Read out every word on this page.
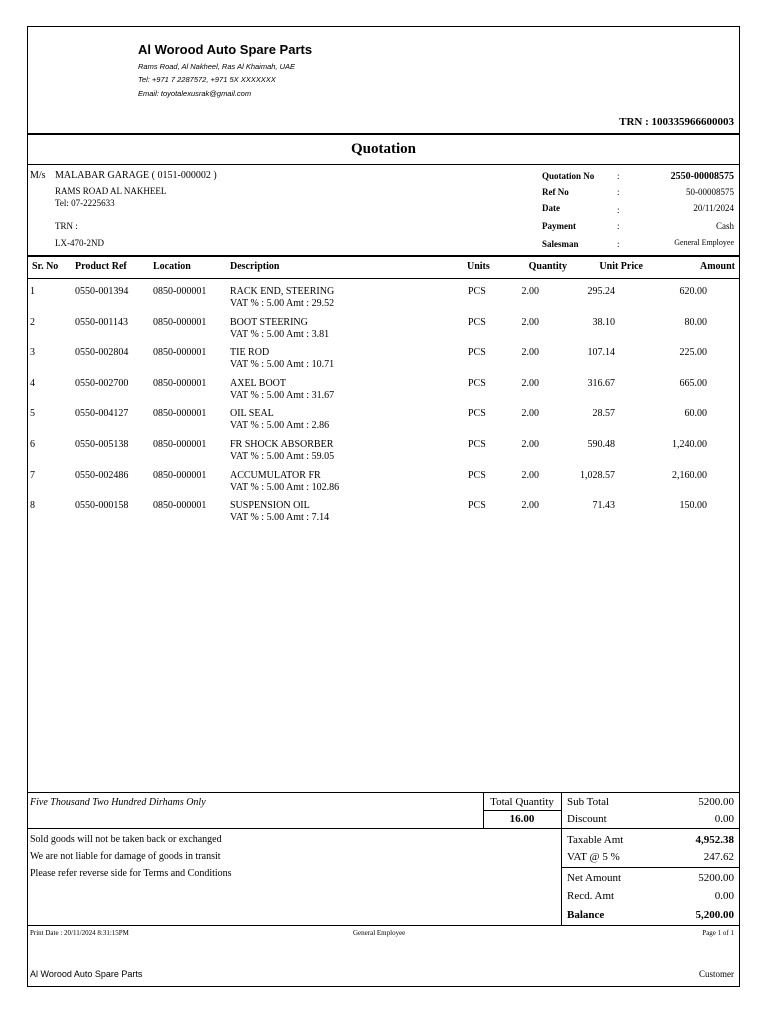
Al Worood Auto Spare Parts
Rams Road, Al Nakheel, Ras Al Khaimah, UAE
Tel: +971 7 2287572, +971 5X XXXXXXX
Email: toyotalexusrak@gmail.com
TRN : 100335966600003
Quotation
M/s MALABAR GARAGE ( 0151-000002 )
RAMS ROAD AL NAKHEEL
Tel: 07-2225633
TRN :
LX-470-2ND
Quotation No	:	2550-00008575
Ref No	:	50-00008575
Date	:	20/11/2024
Payment	:	Cash
Salesman	:	General Employee
Sr. No Product Ref	Location	Description	Units	Quantity	Unit Price	Amount
1	0550-001394 0850-000001 RACK END, STEERING	PCS	2.00	295.24	620.00
VAT % : 5.00 Amt : 29.52
2	0550-001143	0850-000001 BOOT STEERING	PCS	2.00	38.10	80.00
VAT % : 5.00 Amt : 3.81
3	0550-002804 0850-000001 TIE ROD	PCS	2.00	107.14	225.00
VAT % : 5.00 Amt : 10.71
4	0550-002700 0850-000001 AXEL BOOT	PCS	2.00	316.67	665.00
VAT % : 5.00 Amt : 31.67
5	0550-004127 0850-000001 OIL SEAL	PCS	2.00	28.57	60.00
VAT % : 5.00 Amt : 2.86
6	0550-005138 0850-000001 FR SHOCK ABSORBER	PCS	2.00	590.48	1,240.00
VAT % : 5.00 Amt : 59.05
7	0550-002486 0850-000001 ACCUMULATOR FR	PCS	2.00	1,028.57	2,160.00
VAT % : 5.00 Amt : 102.86
8	0550-000158 0850-000001 SUSPENSION OIL	PCS	2.00	71.43	150.00
VAT % : 5.00 Amt : 7.14
Five Thousand Two Hundred Dirhams Only	Total Quantity
16.00
Sub Total	5200.00
Discount	0.00
Sold goods will not be taken back or exchanged
We are not liable for damage of goods in transit
Please refer reverse side for Terms and Conditions
Taxable Amt	4,952.38
VAT @ 5 %	247.62
Net Amount	5200.00
Recd. Amt	0.00
Balance	5,200.00
Print Date : 20/11/2024 8:31:15PM	General Employee	Page 1 of 1
Al Worood Auto Spare Parts	Customer
